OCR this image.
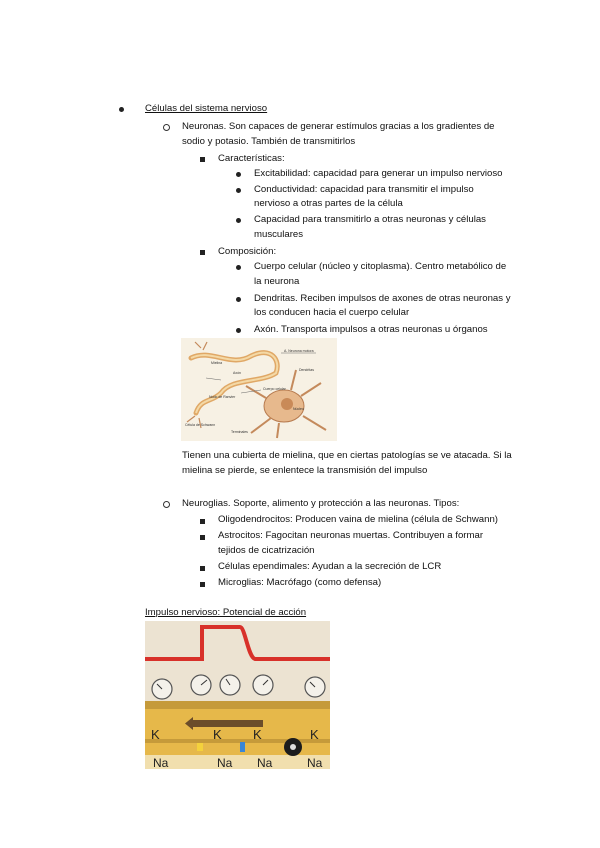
Células del sistema nervioso
Neuronas. Son capaces de generar estímulos gracias a los gradientes de
sodio y potasio. También de transmitirlos
Características:
Excitabilidad: capacidad para generar un impulso nervioso
Conductividad: capacidad para transmitir el impulso
nervioso a otras partes de la célula
Capacidad para transmitirlo a otras neuronas y células
musculares
Composición:
Cuerpo celular (núcleo y citoplasma). Centro metabólico de
la neurona
Dendritas. Reciben impulsos de axones de otras neuronas y
los conducen hacia el cuerpo celular
Axón. Transporta impulsos a otras neuronas u órganos
A. Neurona motora
Dendritas
Núcleo
Cuerpo celular
Axón
Mielina
Célula de Schwann
Nodo de Ranvier
Terminales
Tienen una cubierta de mielina, que en ciertas patologías se ve atacada. Si la
mielina se pierde, se enlentece la transmisión del impulso
Neuroglias. Soporte, alimento y protección a las neuronas. Tipos:
Oligodendrocitos: Producen vaina de mielina (célula de Schwann)
Astrocitos: Fagocitan neuronas muertas. Contribuyen a formar
tejidos de cicatrización
Células ependimales: Ayudan a la secreción de LCR
Microglias: Macrófago (como defensa)
Impulso nervioso: Potencial de acción
K	K K	K
Na	Na Na	Na
